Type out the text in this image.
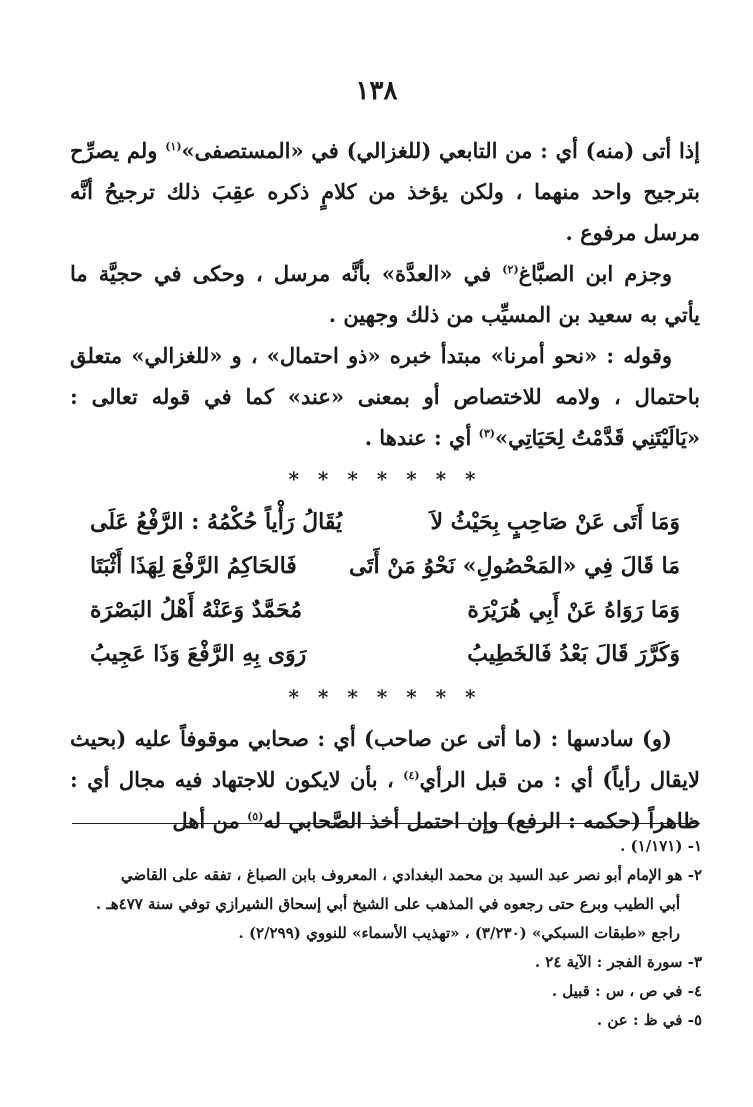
١٣٨

إذا أتى (منه) أي : من التابعي (للغزالي) في «المستصفى»$^{(١)}$ ولم يصرِّح بترجيح واحد منهما ، ولكن يؤخذ من كلامٍ ذكره عقِبَ ذلك ترجيحُ أنَّه مرسل مرفوع .

وجزم ابن الصبَّاغ$^{(٢)}$ في «العدَّة» بأنَّه مرسل ، وحكى في حجيَّة ما يأتي به سعيد بن المسيِّب من ذلك وجهين .

وقوله : «نحو أمرنا» مبتدأ خبره «ذو احتمال» ، و «للغزالي» متعلق باحتمال ، ولامه للاختصاص أو بمعنى «عند» كما في قوله تعالى : «يَالَيْتَنِي قَدَّمْتُ لِحَيَاتِي»$^{(٣)}$ أي : عندها .

* * * * * * *
وَمَا أَتَى عَنْ صَاحِبٍ بِحَيْثُ لاَ
يُقَالُ رَأْياً حُكْمُهُ : الرَّفْعُ عَلَى
مَا قَالَ فِي «المَحْصُولِ» نَحْوُ مَنْ أَتَى
فَالحَاكِمُ الرَّفْعَ لِهَذَا أَثْبَتَا
وَمَا رَوَاهُ عَنْ أَبِي هُرَيْرَة
مُحَمَّدٌ وَعَنْهُ أَهْلُ البَصْرَة
وَكَرَّرَ قَالَ بَعْدُ فَالخَطِيبُ
رَوَى بِهِ الرَّفْعَ وَذَا عَجِيبُ
* * * * * * *

(و) سادسها : (ما أتى عن صاحب) أي : صحابي موقوفاً عليه (بحيث لايقال رأياً) أي : من قبل الرأي$^{(٤)}$ ، بأن لايكون للاجتهاد فيه مجال أي : ظاهراً (حكمه : الرفع) وإن احتمل أخذ الصَّحابي له$^{(٥)}$ من أهل

١- (١/١٧١) .

٢- هو الإمام أبو نصر عبد السيد بن محمد البغدادي ، المعروف بابن الصباغ ، تفقه على القاضي

أبي الطيب وبرع حتى رجعوه في المذهب على الشيخ أبي إسحاق الشيرازي توفي سنة ٤٧٧هـ .

راجع «طبقات السبكي» (٣/٢٣٠) ، «تهذيب الأسماء» للنووي (٢/٢٩٩) .

٣- سورة الفجر : الآية ٢٤ .

٤- في ص ، س : قبيل .

٥- في ظ : عن .
